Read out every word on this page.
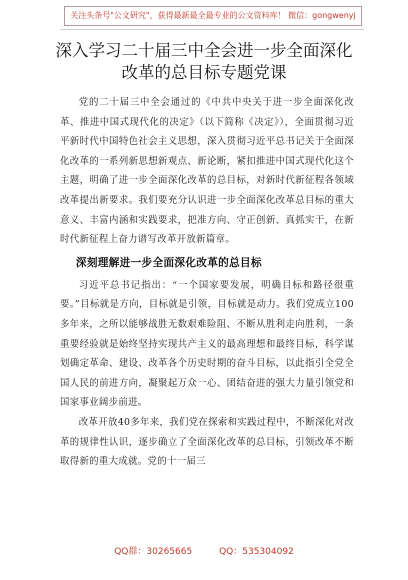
关注头条号"公文研究"，获得最新最全最专业的公文资料库！ 微信：gongwenyj
深入学习二十届三中全会进一步全面深化
改革的总目标专题党课

党的二十届三中全会通过的《中共中央关于进一步全面深化改革、推进中国式现代化的决定》（以下简称《决定》），全面贯彻习近平新时代中国特色社会主义思想，深入贯彻习近平总书记关于全面深化改革的一系列新思想新观点、新论断，紧扣推进中国式现代化这个主题，明确了进一步全面深化改革的总目标，对新时代新征程各领域改革提出新要求。我们要充分认识进一步全面深化改革总目标的重大意义、丰富内涵和实践要求，把准方向、守正创新、真抓实干，在新时代新征程上奋力谱写改革开放新篇章。

深刻理解进一步全面深化改革的总目标

习近平总书记指出：“一个国家要发展，明确目标和路径很重要。”目标就是方向，目标就是引领，目标就是动力。我们党成立100多年来，之所以能够战胜无数艰难险阻、不断从胜利走向胜利，一条重要经验就是始终坚持实现共产主义的最高理想和最终目标，科学谋划确定革命、建设、改革各个历史时期的奋斗目标，以此指引全党全国人民的前进方向，凝聚起万众一心、团结奋进的强大力量引领党和国家事业阔步前进。

改革开放40多年来，我们党在探索和实践过程中，不断深化对改革的规律性认识，逐步确立了全面深化改革的总目标，引领改革不断取得新的重大成就。党的十一届三

QQ群：30265665	QQ：535304092
